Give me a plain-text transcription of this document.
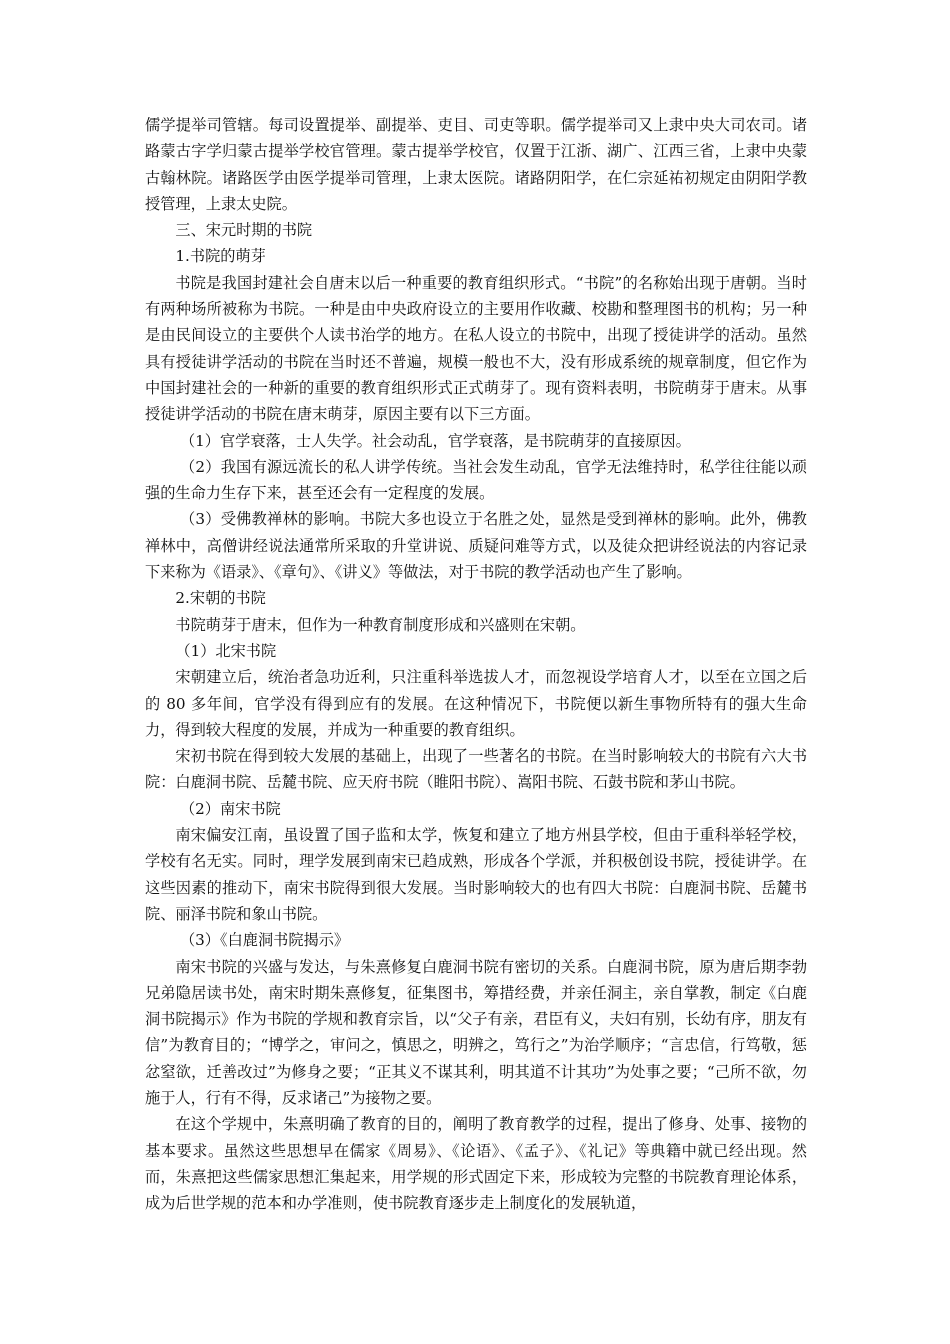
儒学提举司管辖。每司设置提举、副提举、吏目、司吏等职。儒学提举司又上隶中央大司农司。诸路蒙古字学归蒙古提举学校官管理。蒙古提举学校官，仅置于江浙、湖广、江西三省，上隶中央蒙古翰林院。诸路医学由医学提举司管理，上隶太医院。诸路阴阳学，在仁宗延祐初规定由阴阳学教授管理，上隶太史院。

三、宋元时期的书院

1.书院的萌芽

书院是我国封建社会自唐末以后一种重要的教育组织形式。“书院”的名称始出现于唐朝。当时有两种场所被称为书院。一种是由中央政府设立的主要用作收藏、校勘和整理图书的机构；另一种是由民间设立的主要供个人读书治学的地方。在私人设立的书院中，出现了授徒讲学的活动。虽然具有授徒讲学活动的书院在当时还不普遍，规模一般也不大，没有形成系统的规章制度，但它作为中国封建社会的一种新的重要的教育组织形式正式萌芽了。现有资料表明，书院萌芽于唐末。从事授徒讲学活动的书院在唐末萌芽，原因主要有以下三方面。

（1）官学衰落，士人失学。社会动乱，官学衰落，是书院萌芽的直接原因。

（2）我国有源远流长的私人讲学传统。当社会发生动乱，官学无法维持时，私学往往能以顽强的生命力生存下来，甚至还会有一定程度的发展。

（3）受佛教禅林的影响。书院大多也设立于名胜之处，显然是受到禅林的影响。此外，佛教禅林中，高僧讲经说法通常所采取的升堂讲说、质疑问难等方式，以及徒众把讲经说法的内容记录下来称为《语录》、《章句》、《讲义》等做法，对于书院的教学活动也产生了影响。

2.宋朝的书院

书院萌芽于唐末，但作为一种教育制度形成和兴盛则在宋朝。

（1）北宋书院

宋朝建立后，统治者急功近利，只注重科举选拔人才，而忽视设学培育人才，以至在立国之后的 80 多年间，官学没有得到应有的发展。在这种情况下，书院便以新生事物所特有的强大生命力，得到较大程度的发展，并成为一种重要的教育组织。

宋初书院在得到较大发展的基础上，出现了一些著名的书院。在当时影响较大的书院有六大书院：白鹿洞书院、岳麓书院、应天府书院（睢阳书院）、嵩阳书院、石鼓书院和茅山书院。

（2）南宋书院

南宋偏安江南，虽设置了国子监和太学，恢复和建立了地方州县学校，但由于重科举轻学校，学校有名无实。同时，理学发展到南宋已趋成熟，形成各个学派，并积极创设书院，授徒讲学。在这些因素的推动下，南宋书院得到很大发展。当时影响较大的也有四大书院：白鹿洞书院、岳麓书院、丽泽书院和象山书院。

（3）《白鹿洞书院揭示》

南宋书院的兴盛与发达，与朱熹修复白鹿洞书院有密切的关系。白鹿洞书院，原为唐后期李勃兄弟隐居读书处，南宋时期朱熹修复，征集图书，筹措经费，并亲任洞主，亲自掌教，制定《白鹿洞书院揭示》作为书院的学规和教育宗旨，以“父子有亲，君臣有义，夫妇有别，长幼有序，朋友有信”为教育目的；“博学之，审问之，慎思之，明辨之，笃行之”为治学顺序；“言忠信，行笃敬，惩忿窒欲，迁善改过”为修身之要；“正其义不谋其利，明其道不计其功”为处事之要；“己所不欲，勿施于人，行有不得，反求诸己”为接物之要。

在这个学规中，朱熹明确了教育的目的，阐明了教育教学的过程，提出了修身、处事、接物的基本要求。虽然这些思想早在儒家《周易》、《论语》、《孟子》、《礼记》等典籍中就已经出现。然而，朱熹把这些儒家思想汇集起来，用学规的形式固定下来，形成较为完整的书院教育理论体系，成为后世学规的范本和办学准则，使书院教育逐步走上制度化的发展轨道，
